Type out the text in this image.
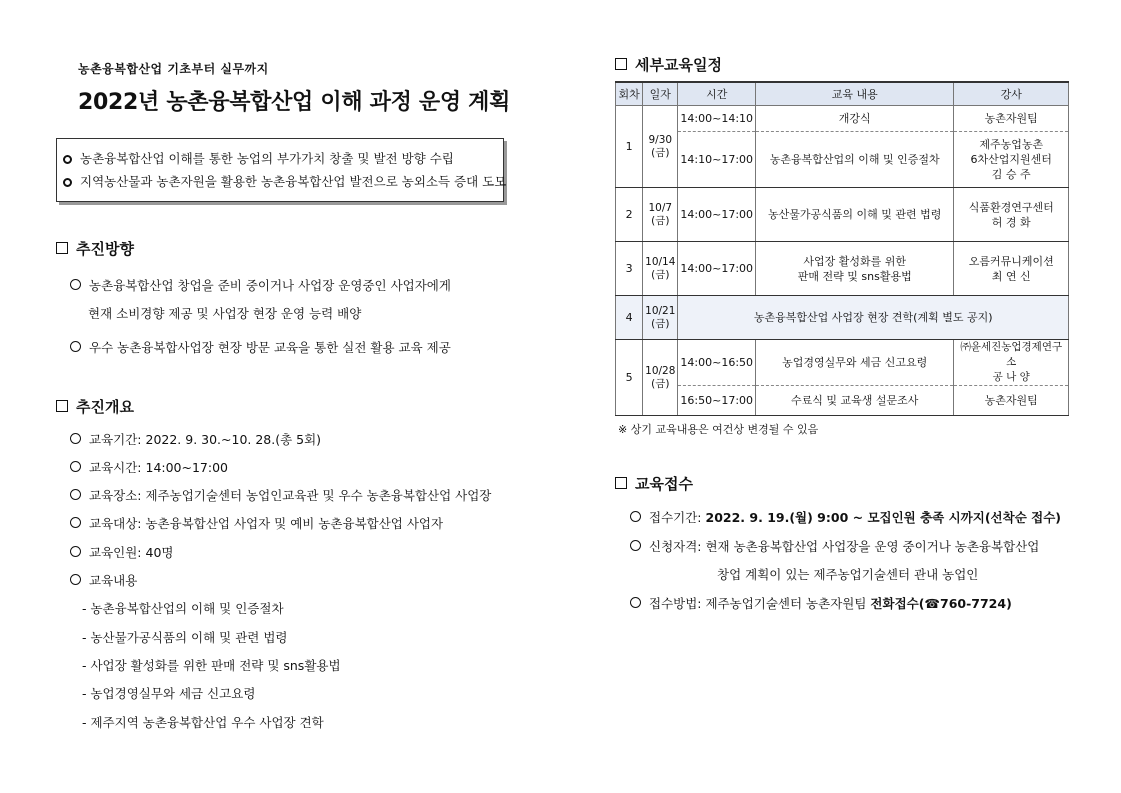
농촌융복합산업 기초부터 실무까지
2022년 농촌융복합산업 이해 과정 운영 계획
농촌융복합산업 이해를 통한 농업의 부가가치 창출 및 발전 방향 수립
지역농산물과 농촌자원을 활용한 농촌융복합산업 발전으로 농외소득 증대 도모
추진방향
농촌융복합산업 창업을 준비 중이거나 사업장 운영중인 사업자에게
현재 소비경향 제공 및 사업장 현장 운영 능력 배양
우수 농촌융복합사업장 현장 방문 교육을 통한 실전 활용 교육 제공
추진개요
교육기간: 2022. 9. 30.~10. 28.(총 5회)
교육시간: 14:00~17:00
교육장소: 제주농업기술센터 농업인교육관 및 우수 농촌융복합산업 사업장
교육대상: 농촌융복합산업 사업자 및 예비 농촌융복합산업 사업자
교육인원: 40명
교육내용
- 농촌융복합산업의 이해 및 인증절차
- 농산물가공식품의 이해 및 관련 법령
- 사업장 활성화를 위한 판매 전략 및 sns활용법
- 농업경영실무와 세금 신고요령
- 제주지역 농촌융복합산업 우수 사업장 견학
세부교육일정
회차	일자	시간	교육 내용	강사
1	9/30
(금)	14:00~14:10	개강식	농촌자원팀
		14:10~17:00	농촌융복합산업의 이해 및 인증절차	제주농업농촌
6차산업지원센터
김 승 주
2	10/7
(금)	14:00~17:00	농산물가공식품의 이해 및 관련 법령	식품환경연구센터
허 경 화
3	10/14
(금)	14:00~17:00	사업장 활성화를 위한
판매 전략 및 sns활용법	오름커뮤니케이션
최 연 신
4	10/21
(금)	농촌융복합산업 사업장 현장 견학(계획 별도 공지)		
5	10/28
(금)	14:00~16:50	농업경영실무와 세금 신고요령	㈜윤세진농업경제연구소
공 나 양
		16:50~17:00	수료식 및 교육생 설문조사	농촌자원팀
※ 상기 교육내용은 여건상 변경될 수 있음
교육접수
접수기간: 2022. 9. 19.(월) 9:00 ~ 모집인원 충족 시까지(선착순 접수)
신청자격: 현재 농촌융복합산업 사업장을 운영 중이거나 농촌융복합산업
창업 계획이 있는 제주농업기술센터 관내 농업인
접수방법: 제주농업기술센터 농촌자원팀 전화접수(☎760-7724)
